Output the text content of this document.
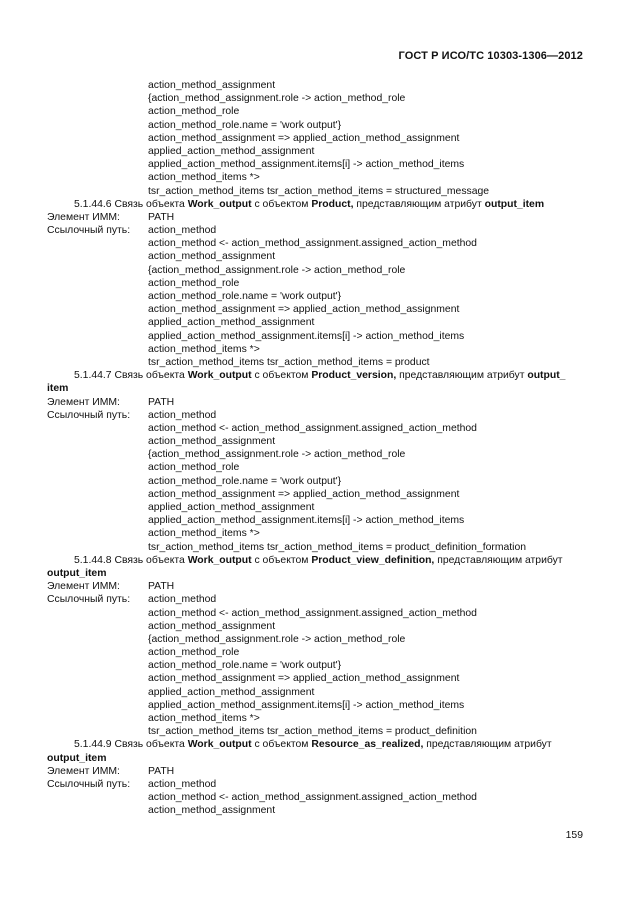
ГОСТ Р ИСО/ТС 10303-1306—2012
action_method_assignment
{action_method_assignment.role -> action_method_role
action_method_role
action_method_role.name = 'work output'}
action_method_assignment => applied_action_method_assignment
applied_action_method_assignment
applied_action_method_assignment.items[i] -> action_method_items
action_method_items *>
tsr_action_method_items tsr_action_method_items = structured_message
5.1.44.6 Связь объекта Work_output с объектом Product, представляющим атрибут output_item
Элемент ИММ:	PATH
Ссылочный путь:	action_method
action_method <- action_method_assignment.assigned_action_method
action_method_assignment
{action_method_assignment.role -> action_method_role
action_method_role
action_method_role.name = 'work output'}
action_method_assignment => applied_action_method_assignment
applied_action_method_assignment
applied_action_method_assignment.items[i] -> action_method_items
action_method_items *>
tsr_action_method_items tsr_action_method_items = product
5.1.44.7 Связь объекта Work_output с объектом Product_version, представляющим атрибут output_
item
Элемент ИММ:	PATH
Ссылочный путь:	action_method
action_method <- action_method_assignment.assigned_action_method
action_method_assignment
{action_method_assignment.role -> action_method_role
action_method_role
action_method_role.name = 'work output'}
action_method_assignment => applied_action_method_assignment
applied_action_method_assignment
applied_action_method_assignment.items[i] -> action_method_items
action_method_items *>
tsr_action_method_items tsr_action_method_items = product_definition_formation
5.1.44.8 Связь объекта Work_output с объектом Product_view_definition, представляющим атрибут
output_item
Элемент ИММ:	PATH
Ссылочный путь:	action_method
action_method <- action_method_assignment.assigned_action_method
action_method_assignment
{action_method_assignment.role -> action_method_role
action_method_role
action_method_role.name = 'work output'}
action_method_assignment => applied_action_method_assignment
applied_action_method_assignment
applied_action_method_assignment.items[i] -> action_method_items
action_method_items *>
tsr_action_method_items tsr_action_method_items = product_definition
5.1.44.9 Связь объекта Work_output с объектом Resource_as_realized, представляющим атрибут
output_item
Элемент ИММ:	PATH
Ссылочный путь:	action_method
action_method <- action_method_assignment.assigned_action_method
action_method_assignment
159
